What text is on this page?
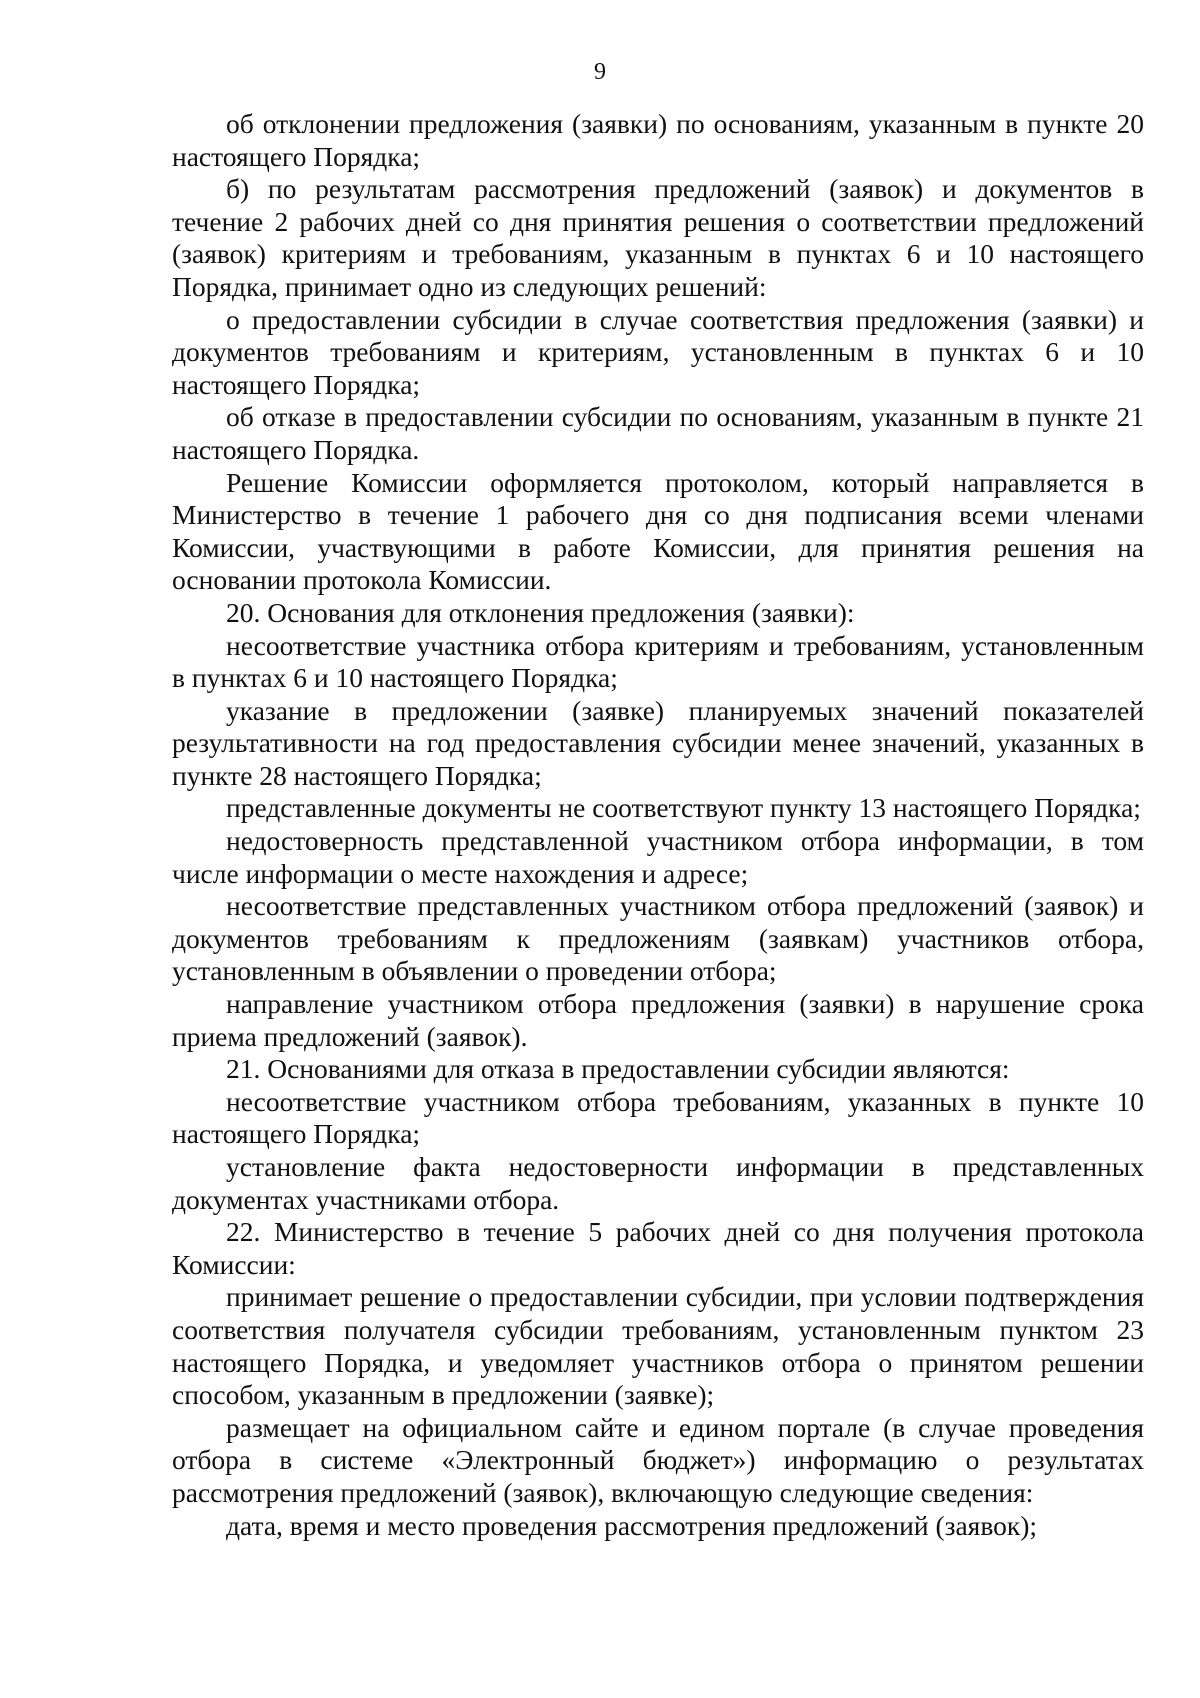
9

об отклонении предложения (заявки) по основаниям, указанным в пункте 20 настоящего Порядка;

б) по результатам рассмотрения предложений (заявок) и документов в течение 2 рабочих дней со дня принятия решения о соответствии предложений (заявок) критериям и требованиям, указанным в пунктах 6 и 10 настоящего Порядка, принимает одно из следующих решений:

о предоставлении субсидии в случае соответствия предложения (заявки) и документов требованиям и критериям, установленным в пунктах 6 и 10 настоящего Порядка;

об отказе в предоставлении субсидии по основаниям, указанным в пункте 21 настоящего Порядка.

Решение Комиссии оформляется протоколом, который направляется в Министерство в течение 1 рабочего дня со дня подписания всеми членами Комиссии, участвующими в работе Комиссии, для принятия решения на основании протокола Комиссии.

20. Основания для отклонения предложения (заявки):

несоответствие участника отбора критериям и требованиям, установленным в пунктах 6 и 10 настоящего Порядка;

указание в предложении (заявке) планируемых значений показателей результативности на год предоставления субсидии менее значений, указанных в пункте 28 настоящего Порядка;

представленные документы не соответствуют пункту 13 настоящего Порядка;

недостоверность представленной участником отбора информации, в том числе информации о месте нахождения и адресе;

несоответствие представленных участником отбора предложений (заявок) и документов требованиям к предложениям (заявкам) участников отбора, установленным в объявлении о проведении отбора;

направление участником отбора предложения (заявки) в нарушение срока приема предложений (заявок).

21. Основаниями для отказа в предоставлении субсидии являются:

несоответствие участником отбора требованиям, указанных в пункте 10 настоящего Порядка;

установление факта недостоверности информации в представленных документах участниками отбора.

22. Министерство в течение 5 рабочих дней со дня получения протокола Комиссии:

принимает решение о предоставлении субсидии, при условии подтверждения соответствия получателя субсидии требованиям, установленным пунктом 23 настоящего Порядка, и уведомляет участников отбора о принятом решении способом, указанным в предложении (заявке);

размещает на официальном сайте и едином портале (в случае проведения отбора в системе «Электронный бюджет») информацию о результатах рассмотрения предложений (заявок), включающую следующие сведения:

дата, время и место проведения рассмотрения предложений (заявок);
